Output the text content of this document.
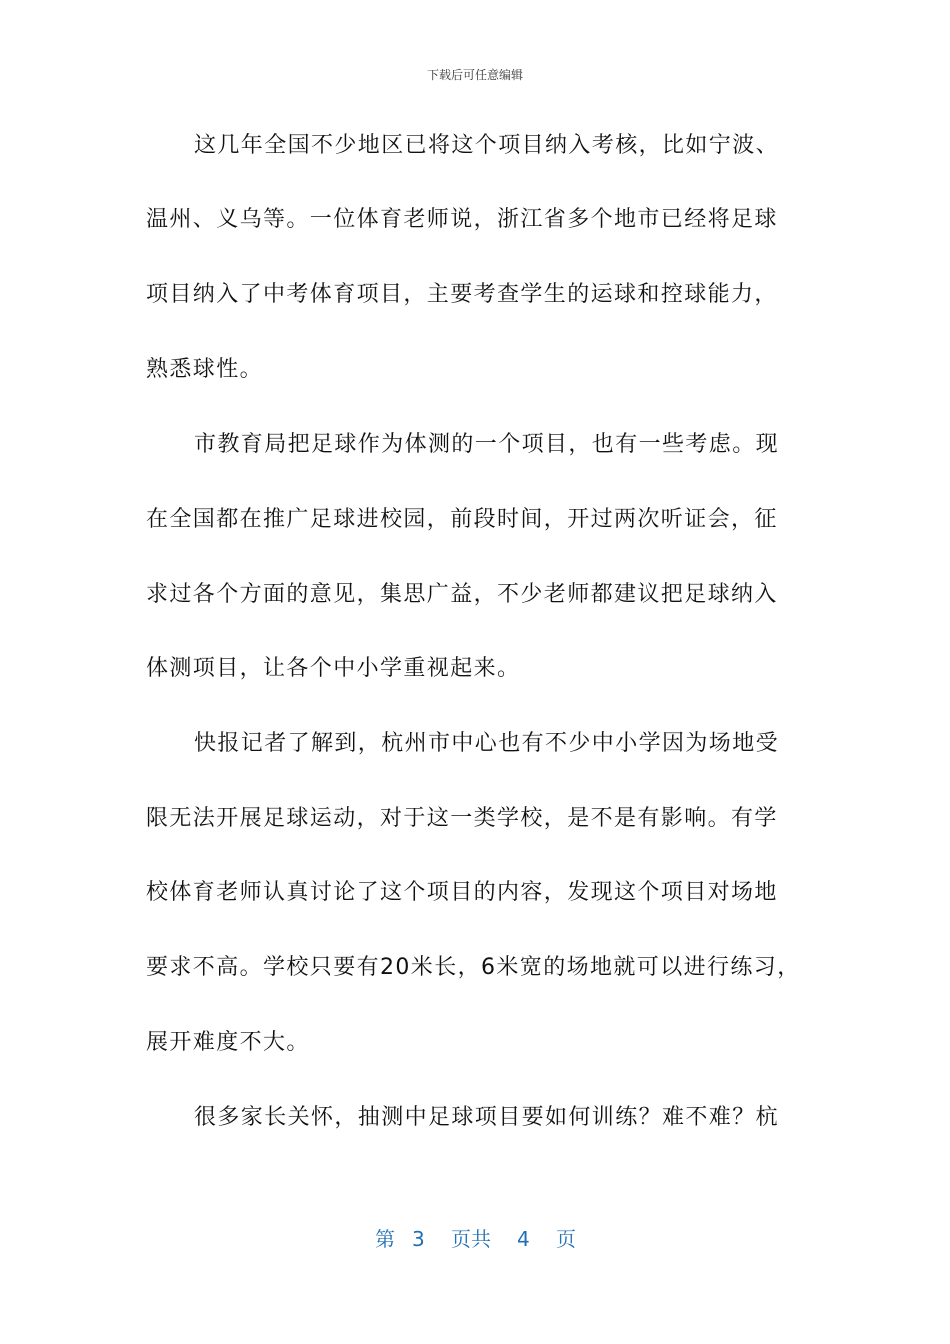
下载后可任意编辑
这几年全国不少地区已将这个项目纳入考核，比如宁波、
温州、义乌等。一位体育老师说，浙江省多个地市已经将足球
项目纳入了中考体育项目，主要考查学生的运球和控球能力，
熟悉球性。
市教育局把足球作为体测的一个项目，也有一些考虑。现
在全国都在推广足球进校园，前段时间，开过两次听证会，征
求过各个方面的意见，集思广益，不少老师都建议把足球纳入
体测项目，让各个中小学重视起来。
快报记者了解到，杭州市中心也有不少中小学因为场地受
限无法开展足球运动，对于这一类学校，是不是有影响。有学
校体育老师认真讨论了这个项目的内容，发现这个项目对场地
要求不高。学校只要有20米长，6米宽的场地就可以进行练习，
展开难度不大。
很多家长关怀，抽测中足球项目要如何训练？难不难？杭
第 3 页共 4 页
